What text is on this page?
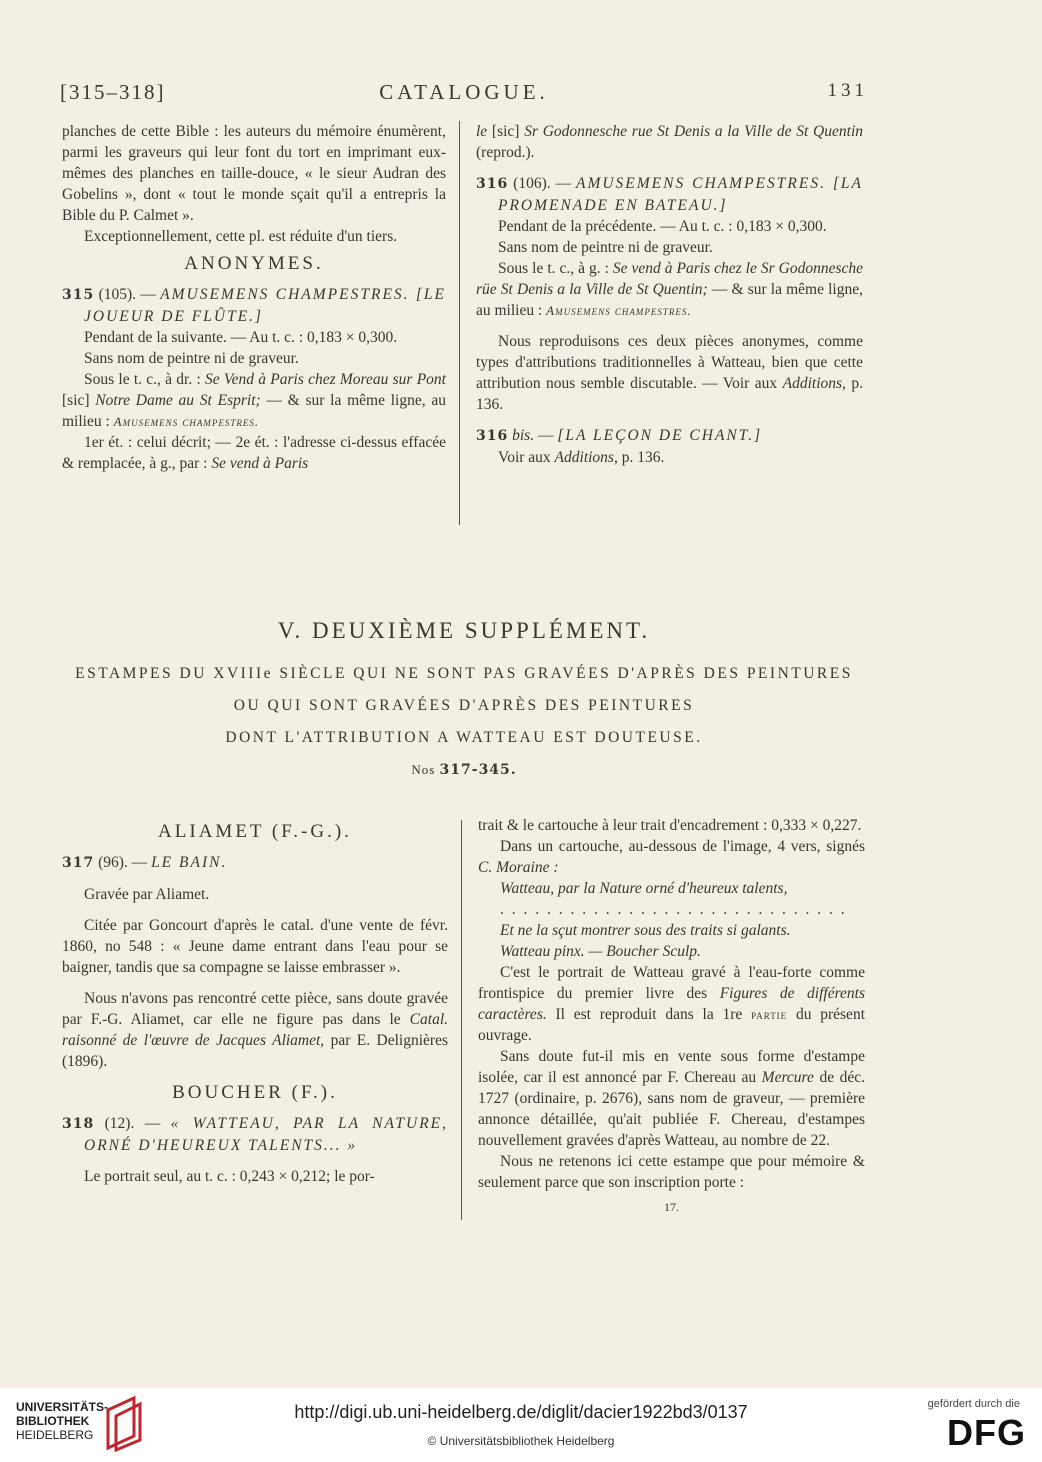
[315–318]	CATALOGUE.	131

planches de cette Bible : les auteurs du mémoire énumèrent, parmi les graveurs qui leur font du tort en imprimant eux-mêmes des planches en taille-douce, « le sieur Audran des Gobelins », dont « tout le monde sçait qu'il a entrepris la Bible du P. Calmet ».

Exceptionnellement, cette pl. est réduite d'un tiers.

ANONYMES.

315 (105). — AMUSEMENS CHAMPESTRES. [LE JOUEUR DE FLÛTE.]

Pendant de la suivante. — Au t. c. : 0,183 × 0,300.

Sans nom de peintre ni de graveur.

Sous le t. c., à dr. : Se Vend à Paris chez Moreau sur Pont [sic] Notre Dame au St Esprit; — & sur la même ligne, au milieu : Amusemens champestres.

1er ét. : celui décrit; — 2e ét. : l'adresse ci-dessus effacée & remplacée, à g., par : Se vend à Paris

le [sic] Sr Godonnesche rue St Denis a la Ville de St Quentin (reprod.).

316 (106). — AMUSEMENS CHAMPESTRES. [LA PROMENADE EN BATEAU.]

Pendant de la précédente. — Au t. c. : 0,183 × 0,300.

Sans nom de peintre ni de graveur.

Sous le t. c., à g. : Se vend à Paris chez le Sr Godonnesche rüe St Denis a la Ville de St Quentin; — & sur la même ligne, au milieu : Amusemens champestres.

Nous reproduisons ces deux pièces anonymes, comme types d'attributions traditionnelles à Watteau, bien que cette attribution nous semble discutable. — Voir aux Additions, p. 136.

316 bis. — [LA LEÇON DE CHANT.]

Voir aux Additions, p. 136.

V. DEUXIÈME SUPPLÉMENT.
ESTAMPES DU XVIIIe SIÈCLE QUI NE SONT PAS GRAVÉES D'APRÈS DES PEINTURES
OU QUI SONT GRAVÉES D'APRÈS DES PEINTURES
DONT L'ATTRIBUTION A WATTEAU EST DOUTEUSE.
Nos 317-345.

ALIAMET (F.-G.).

317 (96). — LE BAIN.

Gravée par Aliamet.

Citée par Goncourt d'après le catal. d'une vente de févr. 1860, no 548 : « Jeune dame entrant dans l'eau pour se baigner, tandis que sa compagne se laisse embrasser ».

Nous n'avons pas rencontré cette pièce, sans doute gravée par F.-G. Aliamet, car elle ne figure pas dans le Catal. raisonné de l'œuvre de Jacques Aliamet, par E. Delignières (1896).

BOUCHER (F.).

318 (12). — « WATTEAU, PAR LA NATURE, ORNÉ D'HEUREUX TALENTS... »

Le portrait seul, au t. c. : 0,243 × 0,212; le por-

trait & le cartouche à leur trait d'encadrement : 0,333 × 0,227.

Dans un cartouche, au-dessous de l'image, 4 vers, signés C. Moraine :

Watteau, par la Nature orné d'heureux talents,

. . . . . . . . . . . . . . . . . . . . . . . . . . . . . .

Et ne la sçut montrer sous des traits si galants.

Watteau pinx. — Boucher Sculp.

C'est le portrait de Watteau gravé à l'eau-forte comme frontispice du premier livre des Figures de différents caractères. Il est reproduit dans la 1re partie du présent ouvrage.

Sans doute fut-il mis en vente sous forme d'estampe isolée, car il est annoncé par F. Chereau au Mercure de déc. 1727 (ordinaire, p. 2676), sans nom de graveur, — première annonce détaillée, qu'ait publiée F. Chereau, d'estampes nouvellement gravées d'après Watteau, au nombre de 22.

Nous ne retenons ici cette estampe que pour mémoire & seulement parce que son inscription porte :

17.

UNIVERSITÄTS-
BIBLIOTHEK
HEIDELBERG
http://digi.ub.uni-heidelberg.de/diglit/dacier1922bd3/0137
© Universitätsbibliothek Heidelberg
gefördert durch die
DFG
